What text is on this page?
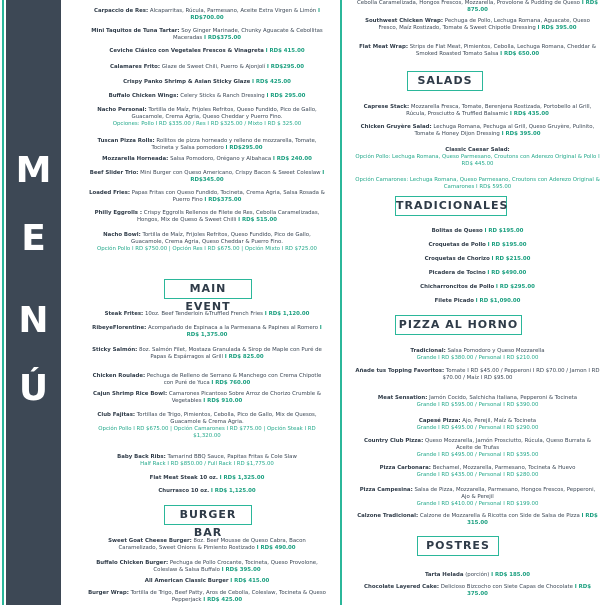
M
E
N
Ú
Carpaccio de Res: Alcaparritas, Rúcula, Parmesano, Aceite Extra Virgen & Limón I RD$700.00
Mini Taquitos de Tuna Tartar: Soy Ginger Marinade, Chunky Aguacate & Cebollitas Maceradas I RD$375.00
Ceviche Clásico con Vegetales Frescos & Vinagreta I RD$ 415.00
Calamares Frito: Glaze de Sweet Chili, Puerro & Ajonjolí I RD$295.00
Crispy Panko Shrimp & Asian Sticky Glaze I RD$ 425.00
Buffalo Chicken Wings: Celery Sticks & Ranch Dressing I RD$ 295.00
Nacho Personal: Tortilla de Maíz, Frijoles Refritos, Queso Fundido, Pico de Gallo, Guacamole, Crema Agria, Queso Cheddar y Puerro Fino.
Opciones: Pollo I RD $335.00 / Res I RD $325.00 / Mixto I RD $ 325.00
Tuscan Pizza Rolls: Rollitos de pizza horneado y relleno de mozzarella, Tomate, Tocineta y Salsa pomodoro I RD$295.00
Mozzarella Horneada: Salsa Pomodoro, Orégano y Albahaca I RD$ 240.00
Beef Slider Trio: Mini Burger con Queso Americano, Crispy Bacon & Sweet Coleslaw I RD$345.00
Loaded Fries: Papas Fritas con Queso Fundido, Tocineta, Crema Agria, Salsa Rosada & Puerro Fino I RD$375.00
Philly Eggrolls : Crispy Eggrolls Rellenos de Filete de Res, Cebolla Caramelizadas, Hongos, Mix de Queso & Sweet Chilli I RD$ 515.00
Nacho Bowl: Tortilla de Maíz, Frijoles Refritos, Queso Fundido, Pico de Gallo, Guacamole, Crema Agria, Queso Cheddar & Puerro Fino.
Opción Pollo I RD $750.00 | Opción Res I RD $675.00 | Opción Mixto I RD $725.00
MAIN EVENT
Steak Frites: 10oz. Beef Tenderloin &Truffled French Fries I RD$ 1,120.00
RibeyeFlorentine: Acompañado de Espinaca a la Parmesana & Papines al Romero I RD$ 1,375.00
Sticky Salmón: 8oz. Salmón Filet, Mostaza Granulada & Sirop de Maple con Puré de Papas & Espárragos al Grill I RD$ 825.00
Chicken Roulade: Pechuga de Relleno de Serrano & Manchego con Crema Chipotle con Puré de Yuca I RD$ 760.00
Cajun Shrimp Rice Bowl: Camarones Picantoso Sobre Arroz de Chorizo Crumble & Vegetables I RD$ 910.00
Club Fajitas: Tortillas de Trigo, Pimientos, Cebolla, Pico de Gallo, Mix de Quesos, Guacamole & Crema Agria.
Opción Pollo I RD $675.00 | Opción Camarones I RD $775.00 | Opción Steak I RD $1,320.00
Baby Back Ribs: Tamarind BBQ Sauce, Papitas Fritas & Cole Slaw
Half Rack I RD $850.00 / Full Rack I RD $1,775.00
Flat Meat Steak 10 oz. I RD$ 1,325.00
Churrasco 10 oz. I RD$ 1,125.00
BURGER BAR
Sweet Goat Cheese Burger: 8oz. Beef Mousse de Queso Cabra, Bacon Caramelizado, Sweet Onions & Pimiento Rostizado I RD$ 490.00
Buffalo Chicken Burger: Pechuga de Pollo Crocante, Tocineta, Queso Provolone, Coleslaw & Salsa Buffalo I RD$ 395.00
All American Classic Burger I RD$ 415.00
Burger Wrap: Tortilla de Trigo, Beef Patty, Aros de Cebolla, Coleslaw, Tocineta & Queso Pepperjack I RD$ 425.00
Cebolla Caramelizada, Hongos Frescos, Mozzarella, Provolone & Pudding de Queso I RD$ 875.00
Southwest Chicken Wrap: Pechuga de Pollo, Lechuga Romana, Aguacate, Queso Fresco, Maíz Rostizado, Tomate & Sweet Chipotle Dressing I RD$ 395.00
Flat Meat Wrap: Strips de Flat Meat, Pimientos, Cebolla, Lechuga Romana, Cheddar & Smoked Roasted Tomato Salsa I RD$ 650.00
SALADS
Caprese Stack: Mozzarella Fresca, Tomate, Berenjena Rostizada, Portobello al Grill, Rúcula, Prosciutto & Truffled Balsamic I RD$ 435.00
Chicken Gruyère Salad: Lechuga Romana, Pechuga al Grill, Queso Gruyère, Pulinito, Tomate & Honey Dijon Dressing I RD$ 395.00
Classic Caesar Salad:
Opción Pollo: Lechuga Romana, Queso Parmesano, Croutons con Aderezo Original & Pollo I RD$ 445.00

Opción Camarones: Lechuga Romana, Queso Parmesano, Croutons con Aderezo Original & Camarones I RD$ 595.00
TRADICIONALES
Bolitas de Queso I RD $195.00
Croquetas de Pollo I RD $195.00
Croquetas de Chorizo I RD $215.00
Picadera de Tocino I RD $490.00
Chicharroncitos de Pollo I RD $295.00
Filete Picado I RD $1,090.00
PIZZA AL HORNO
Tradicional: Salsa Pomodoro y Queso Mozzarella
Grande I RD $380.00 / Personal I RD $210.00
Añade tus Topping Favoritos: Tomate I RD $45.00 / Pepperoni I RD $70.00 / Jamon I RD $70.00 / Maíz I RD $95.00
Meat Sensation: Jamón Cocido, Salchicha Italiana, Pepperoni & Tocineta
Grande I RD $595.00 / Personal I RD $390.00
Capesé Pizza: Ajo, Perejil, Maíz & Tocineta
Grande I RD $495.00 / Personal I RD $290.00
Country Club Pizza: Queso Mozzarella, Jamón Prosciutto, Rúcula, Queso Burrata & Aceite de Trufas
Grande I RD $495.00 / Personal I RD $395.00
Pizza Carbonara: Bechamel, Mozzarella, Parmesano, Tocineta & Huevo
Grande I RD $435.00 / Personal I RD $280.00
Pizza Campesina: Salsa de Pizza, Mozzarella, Parmesano, Hongos Frescos, Pepperoni, Ajo & Perejil
Grande I RD $410.00 / Personal I RD $199.00
Calzone Tradicional: Calzone de Mozzarella & Ricotta con Side de Salsa de Pizza I RD$ 315.00
POSTRES
Tarta Helada (porción) I RD$ 185.00
Chocolate Layered Cake: Delicioso Bizcocho con Siete Capas de Chocolate I RD$ 375.00
